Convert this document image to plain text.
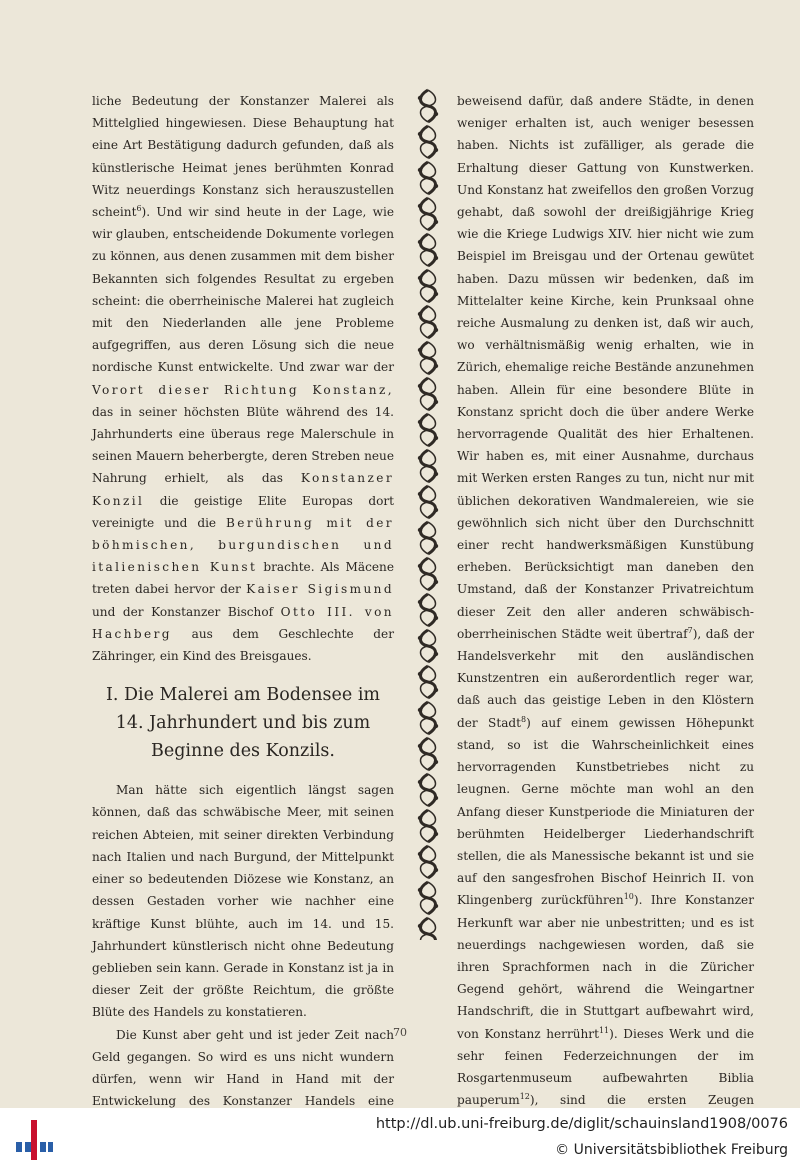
liche Bedeutung der Konstanzer Malerei als Mittelglied hingewiesen. Diese Behauptung hat eine Art Bestätigung dadurch gefunden, daß als künstlerische Heimat jenes berühmten Konrad Witz neuerdings Konstanz sich herauszustellen scheint$^6$). Und wir sind heute in der Lage, wie wir glauben, entscheidende Dokumente vorlegen zu können, aus denen zusammen mit dem bisher Bekannten sich folgendes Resultat zu ergeben scheint: die oberrheinische Malerei hat zugleich mit den Niederlanden alle jene Probleme aufgegriffen, aus deren Lösung sich die neue nordische Kunst entwickelte. Und zwar war der Vorort dieser Richtung Konstanz, das in seiner höchsten Blüte während des 14. Jahrhunderts eine überaus rege Malerschule in seinen Mauern beherbergte, deren Streben neue Nahrung erhielt, als das Konstanzer Konzil die geistige Elite Europas dort vereinigte und die Berührung mit der böhmischen, burgundischen und italienischen Kunst brachte. Als Mäcene treten dabei hervor der Kaiser Sigismund und der Konstanzer Bischof Otto III. von Hachberg aus dem Geschlechte der Zähringer, ein Kind des Breisgaues.

I. Die Malerei am Bodensee im 14. Jahrhundert und bis zum Beginne des Konzils.

Man hätte sich eigentlich längst sagen können, daß das schwäbische Meer, mit seinen reichen Abteien, mit seiner direkten Verbindung nach Italien und nach Burgund, der Mittelpunkt einer so bedeutenden Diözese wie Konstanz, an dessen Gestaden vorher wie nachher eine kräftige Kunst blühte, auch im 14. und 15. Jahrhundert künstlerisch nicht ohne Bedeutung geblieben sein kann. Gerade in Konstanz ist ja in dieser Zeit der größte Reichtum, die größte Blüte des Handels zu konstatieren.

Die Kunst aber geht und ist jeder Zeit nach Geld gegangen. So wird es uns nicht wundern dürfen, wenn wir Hand in Hand mit der Entwickelung des Konstanzer Handels eine

beweisend dafür, daß andere Städte, in denen weniger erhalten ist, auch weniger besessen haben. Nichts ist zufälliger, als gerade die Erhaltung dieser Gattung von Kunstwerken. Und Konstanz hat zweifellos den großen Vorzug gehabt, daß sowohl der dreißigjährige Krieg wie die Kriege Ludwigs XIV. hier nicht wie zum Beispiel im Breisgau und der Ortenau gewütet haben. Dazu müssen wir bedenken, daß im Mittelalter keine Kirche, kein Prunksaal ohne reiche Ausmalung zu denken ist, daß wir auch, wo verhältnismäßig wenig erhalten, wie in Zürich, ehemalige reiche Bestände anzunehmen haben. Allein für eine besondere Blüte in Konstanz spricht doch die über andere Werke hervorragende Qualität des hier Erhaltenen. Wir haben es, mit einer Ausnahme, durchaus mit Werken ersten Ranges zu tun, nicht nur mit üblichen dekorativen Wandmalereien, wie sie gewöhnlich sich nicht über den Durchschnitt einer recht handwerksmäßigen Kunstübung erheben. Berücksichtigt man daneben den Umstand, daß der Konstanzer Privatreichtum dieser Zeit den aller anderen schwäbisch-oberrheinischen Städte weit übertraf$^7$), daß der Handelsverkehr mit den ausländischen Kunstzentren ein außerordentlich reger war, daß auch das geistige Leben in den Klöstern der Stadt$^8$) auf einem gewissen Höhepunkt stand, so ist die Wahrscheinlichkeit eines hervorragenden Kunstbetriebes nicht zu leugnen. Gerne möchte man wohl an den Anfang dieser Kunstperiode die Miniaturen der berühmten Heidelberger Liederhandschrift stellen, die als Manessische bekannt ist und sie auf den sangesfrohen Bischof Heinrich II. von Klingenberg zurückführen$^{10}$). Ihre Konstanzer Herkunft war aber nie unbestritten; und es ist neuerdings nachgewiesen worden, daß sie ihren Sprachformen nach in die Züricher Gegend gehört, während die Weingartner Handschrift, die in Stuttgart aufbewahrt wird, von Konstanz herrührt$^{11}$). Dieses Werk und die sehr feinen Federzeichnungen der im Rosgartenmuseum aufbewahrten Biblia pauperum$^{12}$), sind die ersten Zeugen

70
http://dl.ub.uni-freiburg.de/diglit/schauinsland1908/0076
© Universitätsbibliothek Freiburg
